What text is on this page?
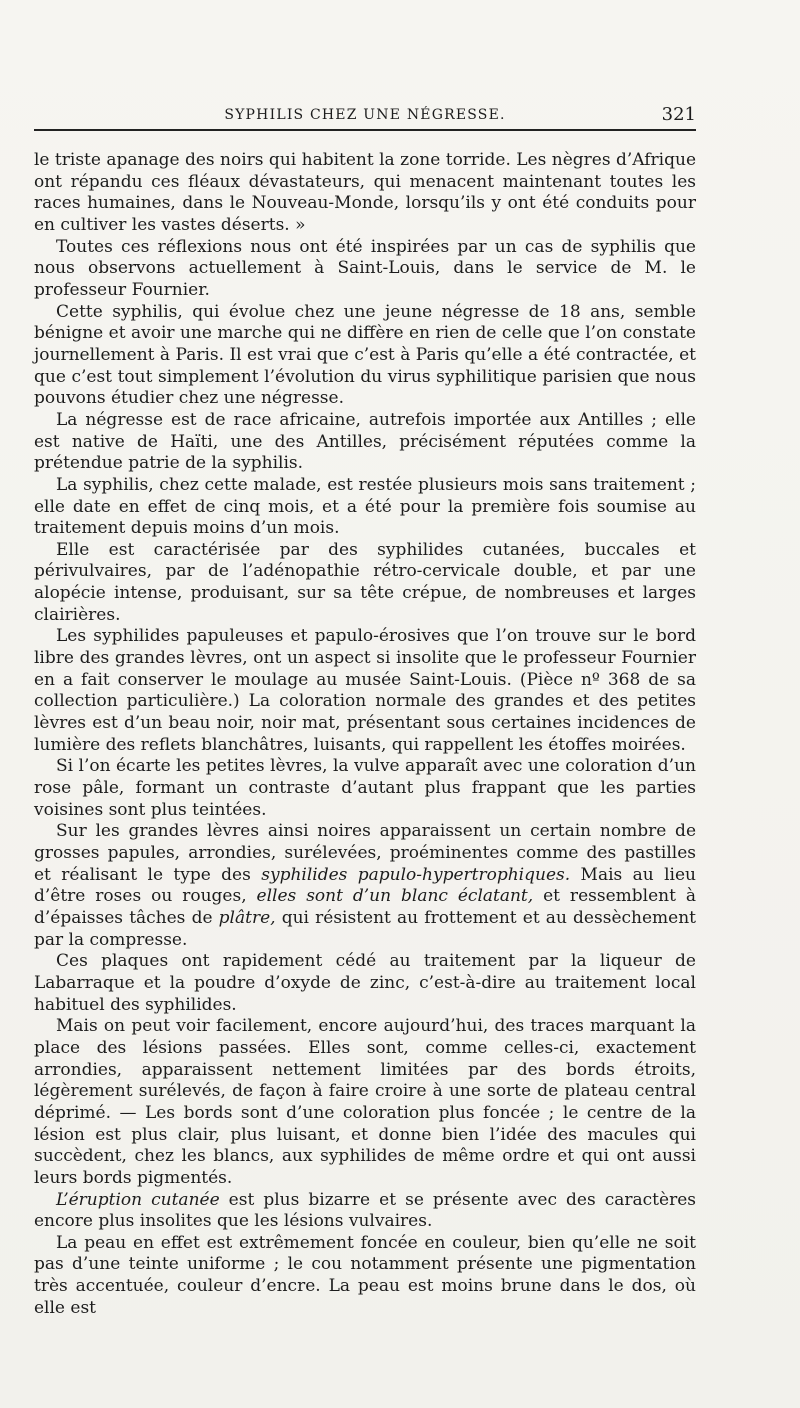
SYPHILIS CHEZ UNE NÉGRESSE.	321

le triste apanage des noirs qui habitent la zone torride. Les nègres d’Afrique ont répandu ces fléaux dévastateurs, qui menacent maintenant toutes les races humaines, dans le Nouveau-Monde, lorsqu’ils y ont été conduits pour en cultiver les vastes déserts. »

Toutes ces réflexions nous ont été inspirées par un cas de syphilis que nous observons actuellement à Saint-Louis, dans le service de M. le professeur Fournier.

Cette syphilis, qui évolue chez une jeune négresse de 18 ans, semble bénigne et avoir une marche qui ne diffère en rien de celle que l’on constate journellement à Paris. Il est vrai que c’est à Paris qu’elle a été contractée, et que c’est tout simplement l’évolution du virus syphilitique parisien que nous pouvons étudier chez une négresse.

La négresse est de race africaine, autrefois importée aux Antilles ; elle est native de Haïti, une des Antilles, précisément réputées comme la prétendue patrie de la syphilis.

La syphilis, chez cette malade, est restée plusieurs mois sans traitement ; elle date en effet de cinq mois, et a été pour la première fois soumise au traitement depuis moins d’un mois.

Elle est caractérisée par des syphilides cutanées, buccales et périvulvaires, par de l’adénopathie rétro-cervicale double, et par une alopécie intense, produisant, sur sa tête crépue, de nombreuses et larges clairières.

Les syphilides papuleuses et papulo-érosives que l’on trouve sur le bord libre des grandes lèvres, ont un aspect si insolite que le professeur Fournier en a fait conserver le moulage au musée Saint-Louis. (Pièce nº 368 de sa collection particulière.) La coloration normale des grandes et des petites lèvres est d’un beau noir, noir mat, présentant sous certaines incidences de lumière des reflets blanchâtres, luisants, qui rappellent les étoffes moirées.

Si l’on écarte les petites lèvres, la vulve apparaît avec une coloration d’un rose pâle, formant un contraste d’autant plus frappant que les parties voisines sont plus teintées.

Sur les grandes lèvres ainsi noires apparaissent un certain nombre de grosses papules, arrondies, surélevées, proéminentes comme des pastilles et réalisant le type des syphilides papulo-hypertrophiques. Mais au lieu d’être roses ou rouges, elles sont d’un blanc éclatant, et ressemblent à d’épaisses tâches de plâtre, qui résistent au frottement et au dessèchement par la compresse.

Ces plaques ont rapidement cédé au traitement par la liqueur de Labarraque et la poudre d’oxyde de zinc, c’est-à-dire au traitement local habituel des syphilides.

Mais on peut voir facilement, encore aujourd’hui, des traces marquant la place des lésions passées. Elles sont, comme celles-ci, exactement arrondies, apparaissent nettement limitées par des bords étroits, légèrement surélevés, de façon à faire croire à une sorte de plateau central déprimé. — Les bords sont d’une coloration plus foncée ; le centre de la lésion est plus clair, plus luisant, et donne bien l’idée des macules qui succèdent, chez les blancs, aux syphilides de même ordre et qui ont aussi leurs bords pigmentés.

L’éruption cutanée est plus bizarre et se présente avec des caractères encore plus insolites que les lésions vulvaires.

La peau en effet est extrêmement foncée en couleur, bien qu’elle ne soit pas d’une teinte uniforme ; le cou notamment présente une pigmentation très accentuée, couleur d’encre. La peau est moins brune dans le dos, où elle est
